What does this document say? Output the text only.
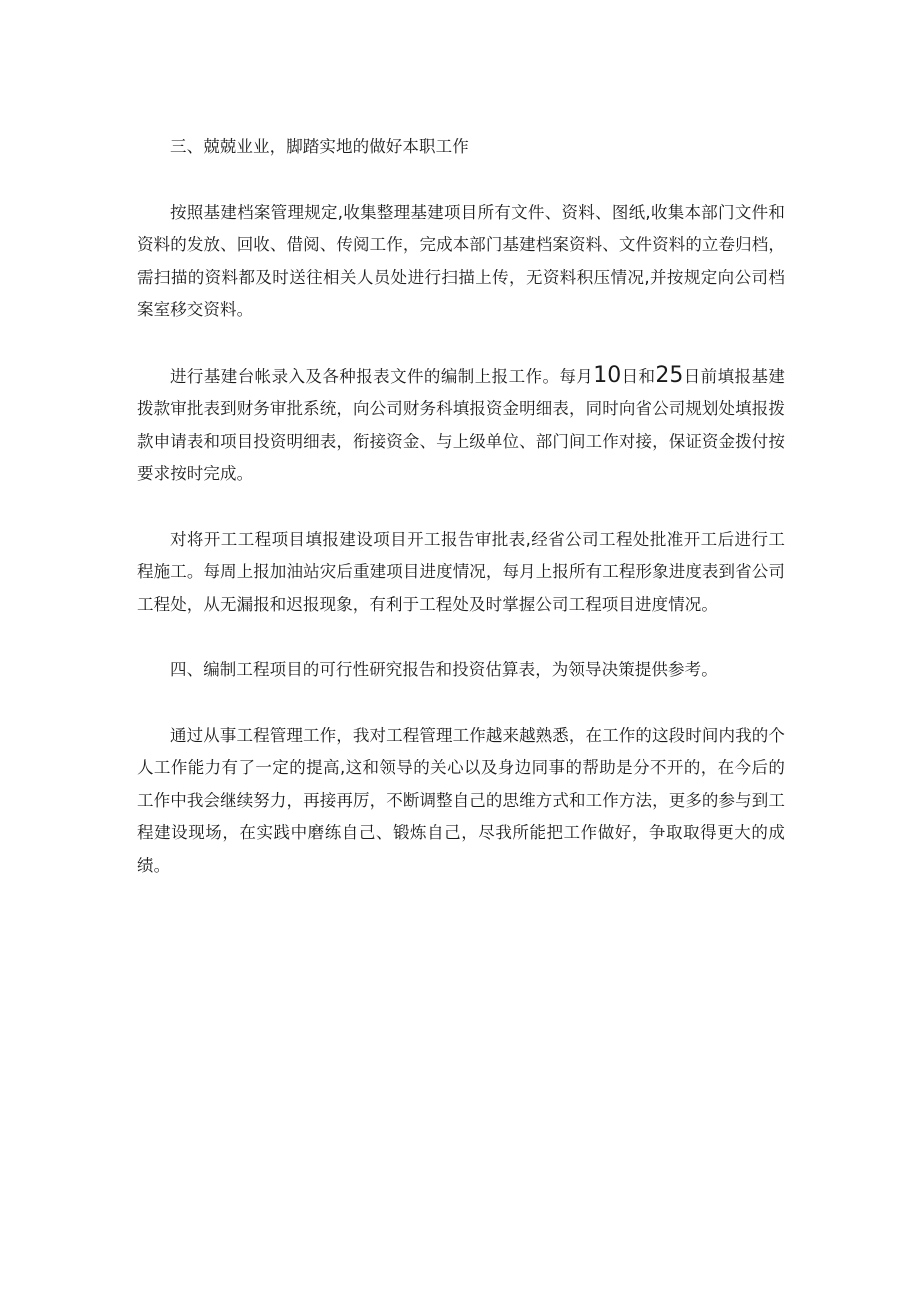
三、兢兢业业，脚踏实地的做好本职工作

按照基建档案管理规定,收集整理基建项目所有文件、资料、图纸,收集本部门文件和资料的发放、回收、借阅、传阅工作，完成本部门基建档案资料、文件资料的立卷归档，需扫描的资料都及时送往相关人员处进行扫描上传，无资料积压情况,并按规定向公司档案室移交资料。

进行基建台帐录入及各种报表文件的编制上报工作。每月10日和25日前填报基建拨款审批表到财务审批系统，向公司财务科填报资金明细表，同时向省公司规划处填报拨款申请表和项目投资明细表，衔接资金、与上级单位、部门间工作对接，保证资金拨付按要求按时完成。

对将开工工程项目填报建设项目开工报告审批表,经省公司工程处批准开工后进行工程施工。每周上报加油站灾后重建项目进度情况，每月上报所有工程形象进度表到省公司工程处，从无漏报和迟报现象，有利于工程处及时掌握公司工程项目进度情况。

四、编制工程项目的可行性研究报告和投资估算表，为领导决策提供参考。

通过从事工程管理工作，我对工程管理工作越来越熟悉，在工作的这段时间内我的个人工作能力有了一定的提高,这和领导的关心以及身边同事的帮助是分不开的，在今后的工作中我会继续努力，再接再厉，不断调整自己的思维方式和工作方法，更多的参与到工程建设现场，在实践中磨练自己、锻炼自己，尽我所能把工作做好，争取取得更大的成绩。
